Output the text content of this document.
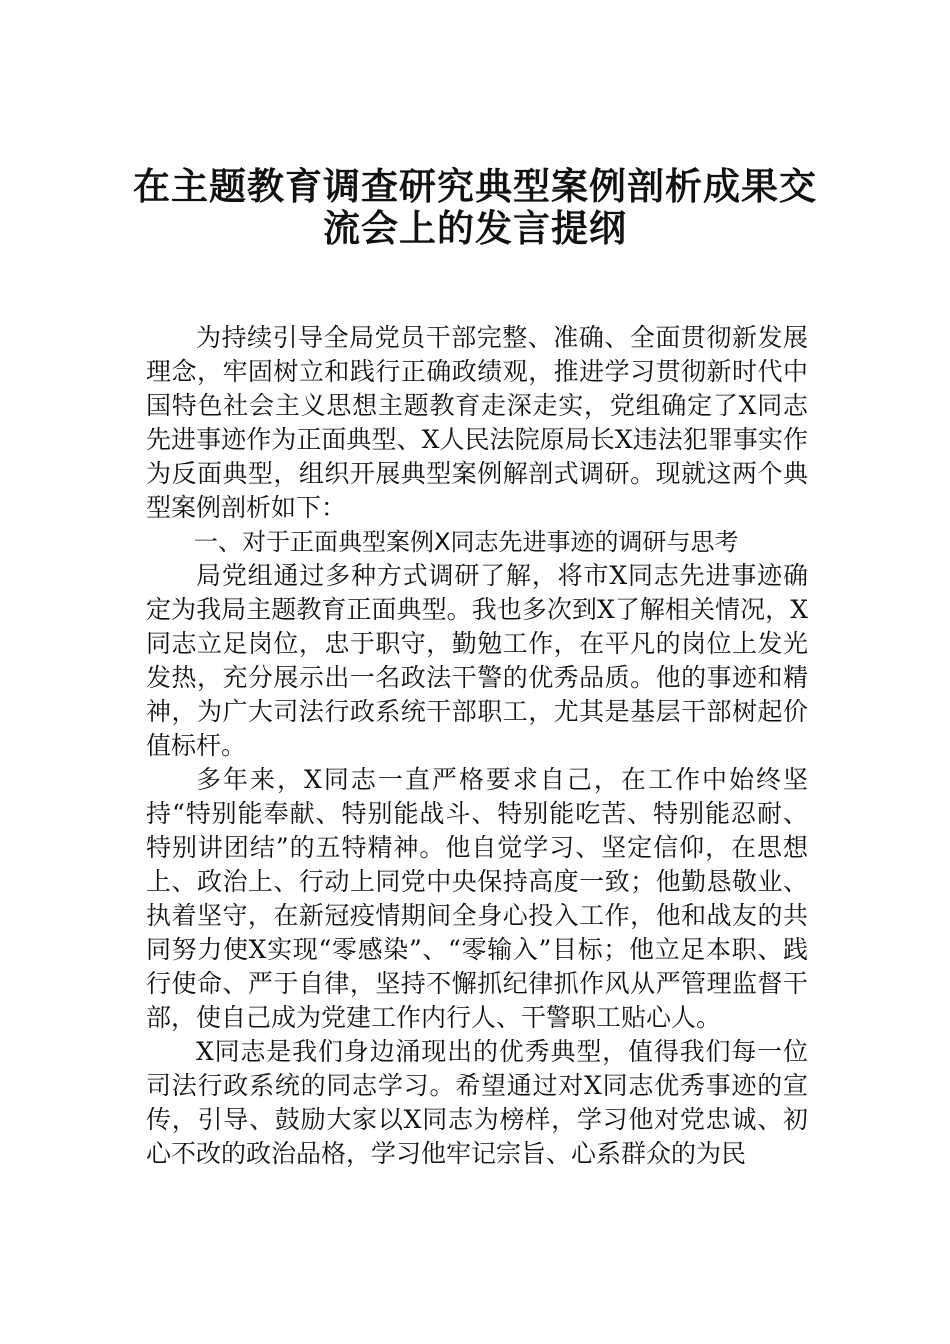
在主题教育调查研究典型案例剖析成果交
流会上的发言提纲

为持续引导全局党员干部完整、准确、全面贯彻新发展理念，牢固树立和践行正确政绩观，推进学习贯彻新时代中国特色社会主义思想主题教育走深走实，党组确定了X同志先进事迹作为正面典型、X人民法院原局长X违法犯罪事实作为反面典型，组织开展典型案例解剖式调研。现就这两个典型案例剖析如下：

一、对于正面典型案例X同志先进事迹的调研与思考

局党组通过多种方式调研了解，将市X同志先进事迹确定为我局主题教育正面典型。我也多次到X了解相关情况，X同志立足岗位，忠于职守，勤勉工作，在平凡的岗位上发光发热，充分展示出一名政法干警的优秀品质。他的事迹和精神，为广大司法行政系统干部职工，尤其是基层干部树起价值标杆。

多年来，X同志一直严格要求自己，在工作中始终坚持“特别能奉献、特别能战斗、特别能吃苦、特别能忍耐、特别讲团结”的五特精神。他自觉学习、坚定信仰，在思想上、政治上、行动上同党中央保持高度一致；他勤恳敬业、执着坚守，在新冠疫情期间全身心投入工作，他和战友的共同努力使X实现“零感染”、“零输入”目标；他立足本职、践行使命、严于自律，坚持不懈抓纪律抓作风从严管理监督干部，使自己成为党建工作内行人、干警职工贴心人。

X同志是我们身边涌现出的优秀典型，值得我们每一位司法行政系统的同志学习。希望通过对X同志优秀事迹的宣传，引导、鼓励大家以X同志为榜样，学习他对党忠诚、初心不改的政治品格，学习他牢记宗旨、心系群众的为民
